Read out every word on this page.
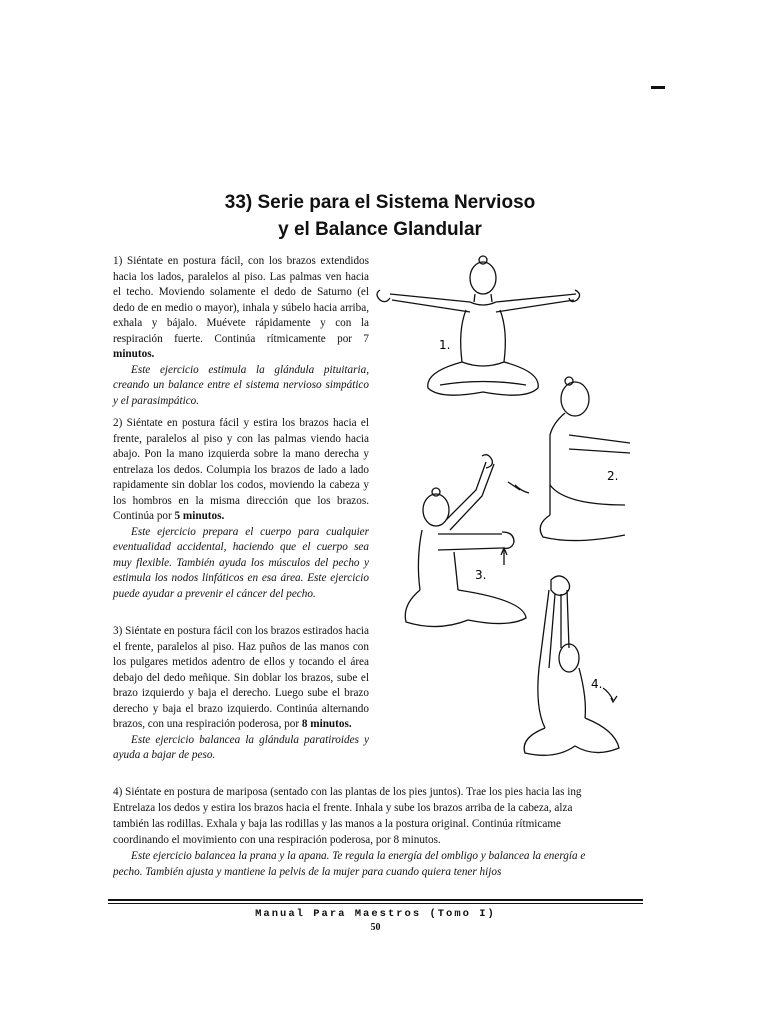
33) Serie para el Sistema Nervioso
y el Balance Glandular

1) Siéntate en postura fácil, con los brazos extendidos hacia los lados, paralelos al piso. Las palmas ven hacia el techo. Moviendo solamente el dedo de Saturno (el dedo de en medio o mayor), inhala y súbelo hacia arriba, exhala y bájalo. Muévete rápidamente y con la respiración fuerte. Continúa rítmicamente por 7 minutos.

Este ejercicio estimula la glándula pituitaria, creando un balance entre el sistema nervioso simpático y el parasimpático.

2) Siéntate en postura fácil y estira los brazos hacia el frente, paralelos al piso y con las palmas viendo hacia abajo. Pon la mano izquierda sobre la mano derecha y entrelaza los dedos. Columpia los brazos de lado a lado rapidamente sin doblar los codos, moviendo la cabeza y los hombros en la misma dirección que los brazos. Continúa por 5 minutos.

Este ejercicio prepara el cuerpo para cualquier eventualidad accidental, haciendo que el cuerpo sea muy flexible. También ayuda los músculos del pecho y estimula los nodos linfáticos en esa área. Este ejercicio puede ayudar a prevenir el cáncer del pecho.

3) Siéntate en postura fácil con los brazos estirados hacia el frente, paralelos al piso. Haz puños de las manos con los pulgares metidos adentro de ellos y tocando el área debajo del dedo meñique. Sin doblar los brazos, sube el brazo izquierdo y baja el derecho. Luego sube el brazo derecho y baja el brazo izquierdo. Continúa alternando brazos, con una respiración poderosa, por 8 minutos.

Este ejercicio balancea la glándula paratiroides y ayuda a bajar de peso.

4) Siéntate en postura de mariposa (sentado con las plantas de los pies juntos). Trae los pies hacia las ing
Entrelaza los dedos y estira los brazos hacia el frente. Inhala y sube los brazos arriba de la cabeza, alza
también las rodillas. Exhala y baja las rodillas y las manos a la postura original. Continúa rítmicame
coordinando el movimiento con una respiración poderosa, por 8 minutos.
Este ejercicio balancea la prana y la apana. Te regula la energía del ombligo y balancea la energía e
pecho. También ajusta y mantiene la pelvis de la mujer para cuando quiera tener hijos
1.
2.
3.
4.
Manual Para Maestros (Tomo I)
50
